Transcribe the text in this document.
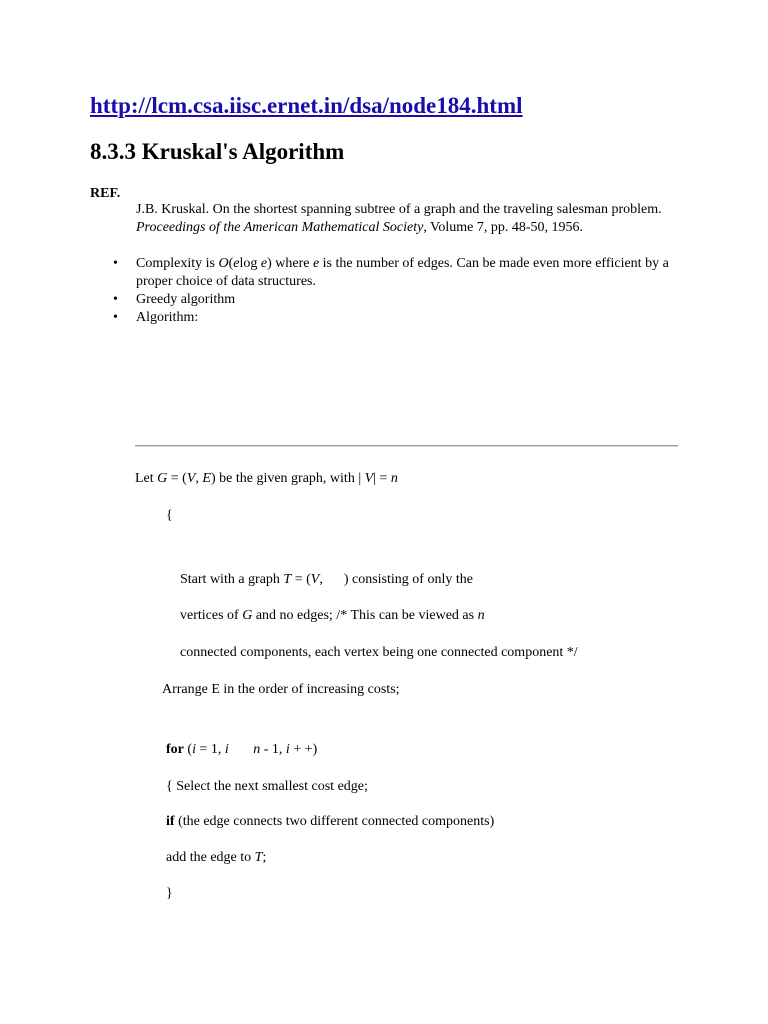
http://lcm.csa.iisc.ernet.in/dsa/node184.html
8.3.3 Kruskal's Algorithm
REF.
J.B. Kruskal. On the shortest spanning subtree of a graph and the traveling salesman problem. Proceedings of the American Mathematical Society, Volume 7, pp. 48-50, 1956.
• Complexity is O(elog e) where e is the number of edges. Can be made even more efficient by a proper choice of data structures.
• Greedy algorithm
• Algorithm:
Let G = (V, E) be the given graph, with | V| = n
{
Start with a graph T = (V,      ) consisting of only the
vertices of G and no edges; /* This can be viewed as n
connected components, each vertex being one connected component */
Arrange E in the order of increasing costs;
for (i = 1, i n - 1, i + +)
{ Select the next smallest cost edge;
if (the edge connects two different connected components)
add the edge to T;
}
